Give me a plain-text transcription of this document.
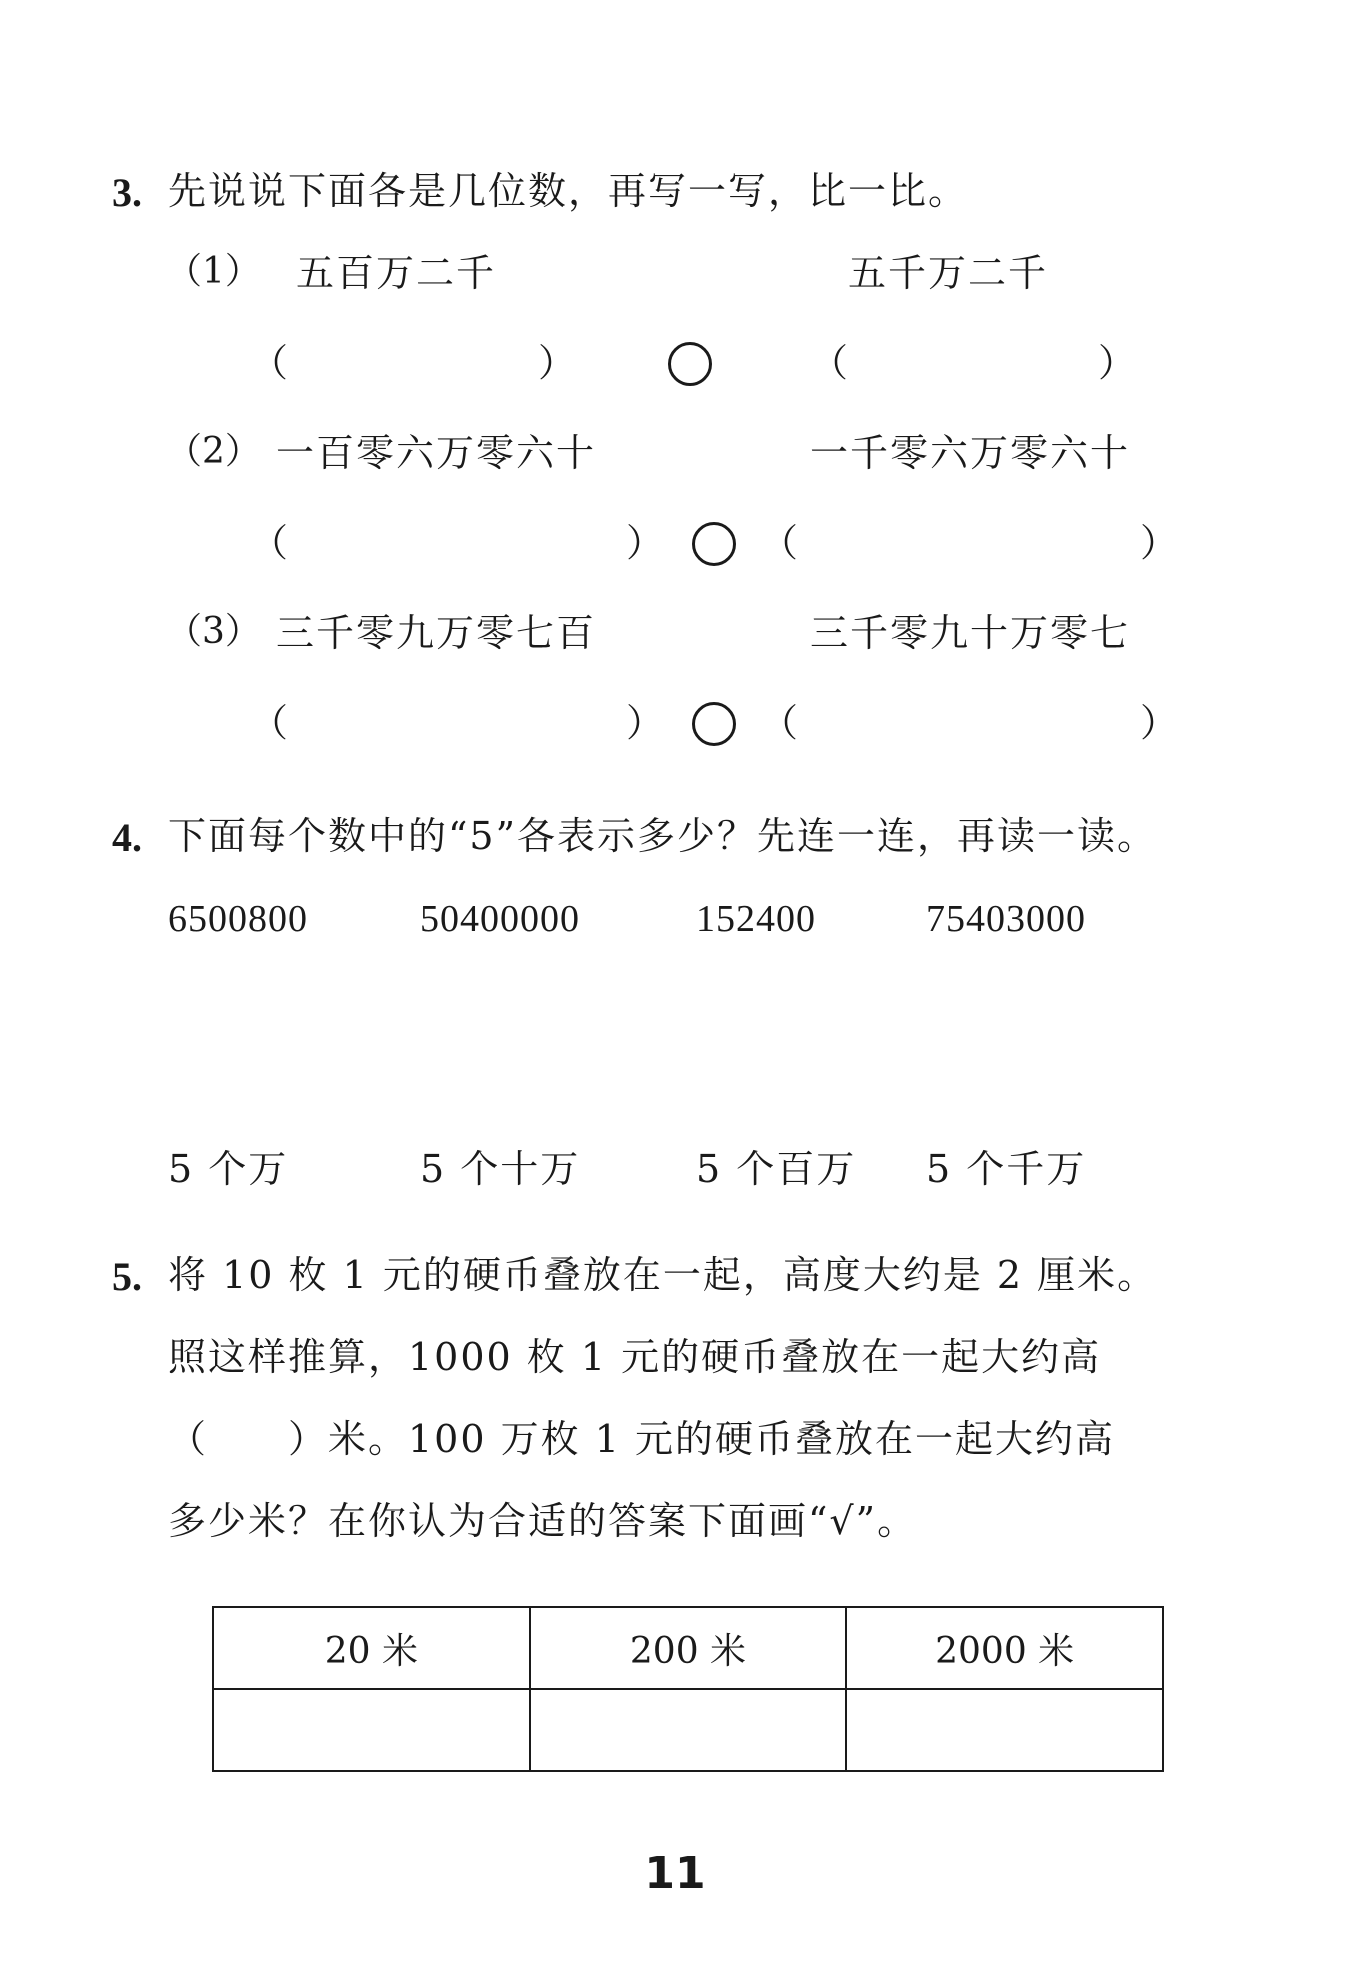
3. 先说说下面各是几位数，再写一写，比一比。
（1） 五百万二千	五千万二千
（	）	（	）
（2） 一百零六万零六十	一千零六万零六十
（	）	（	）
（3） 三千零九万零七百	三千零九十万零七
（	）	（	）
4. 下面每个数中的“5”各表示多少？先连一连，再读一读。
6500800	50400000	152400	75403000
5 个万	5 个十万	5 个百万 5 个千万
5. 将 10 枚 1 元的硬币叠放在一起，高度大约是 2 厘米。
照这样推算，1000 枚 1 元的硬币叠放在一起大约高
（　　）米。100 万枚 1 元的硬币叠放在一起大约高
多少米？在你认为合适的答案下面画“√”。
20 米	200 米	2000 米

11
